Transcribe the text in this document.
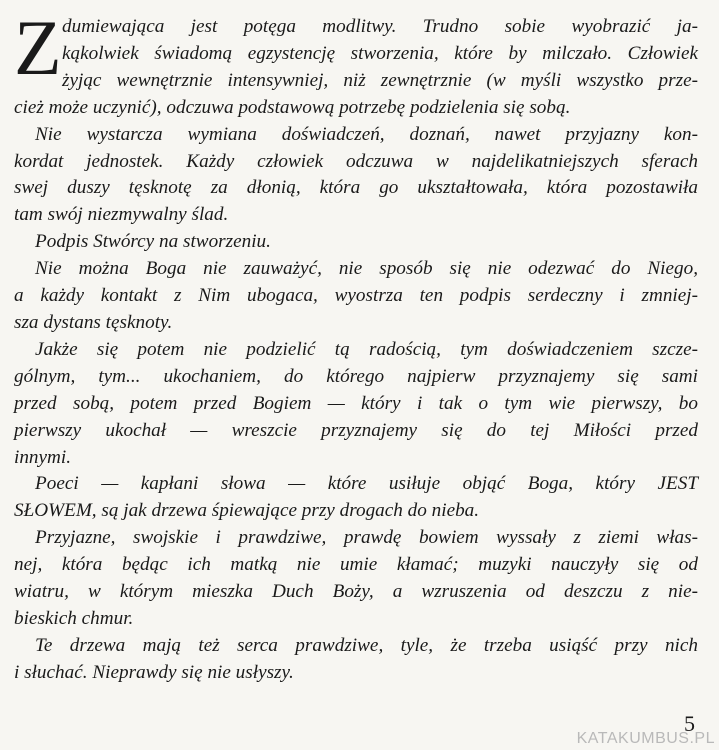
Z dumiewająca jest potęga modlitwy. Trudno sobie wyobrazić ja-
kąkolwiek świadomą egzystencję stworzenia, które by milczało. Człowiek
żyjąc wewnętrznie intensywniej, niż zewnętrznie (w myśli wszystko prze-
cież może uczynić), odczuwa podstawową potrzebę podzielenia się sobą.
Nie wystarcza wymiana doświadczeń, doznań, nawet przyjazny kon-
kordat jednostek. Każdy człowiek odczuwa w najdelikatniejszych sferach
swej duszy tęsknotę za dłonią, która go ukształtowała, która pozostawiła
tam swój niezmywalny ślad.
Podpis Stwórcy na stworzeniu.
Nie można Boga nie zauważyć, nie sposób się nie odezwać do Niego,
a każdy kontakt z Nim ubogaca, wyostrza ten podpis serdeczny i zmniej-
sza dystans tęsknoty.
Jakże się potem nie podzielić tą radością, tym doświadczeniem szcze-
gólnym, tym... ukochaniem, do którego najpierw przyznajemy się sami
przed sobą, potem przed Bogiem — który i tak o tym wie pierwszy, bo
pierwszy ukochał — wreszcie przyznajemy się do tej Miłości przed
innymi.
Poeci — kapłani słowa — które usiłuje objąć Boga, który JEST
SŁOWEM, są jak drzewa śpiewające przy drogach do nieba.
Przyjazne, swojskie i prawdziwe, prawdę bowiem wyssały z ziemi włas-
nej, która będąc ich matką nie umie kłamać; muzyki nauczyły się od
wiatru, w którym mieszka Duch Boży, a wzruszenia od deszczu z nie-
bieskich chmur.
Te drzewa mają też serca prawdziwe, tyle, że trzeba usiąść przy nich
i słuchać. Nieprawdy się nie usłyszy.
5
KATAKUMBUS.PL
